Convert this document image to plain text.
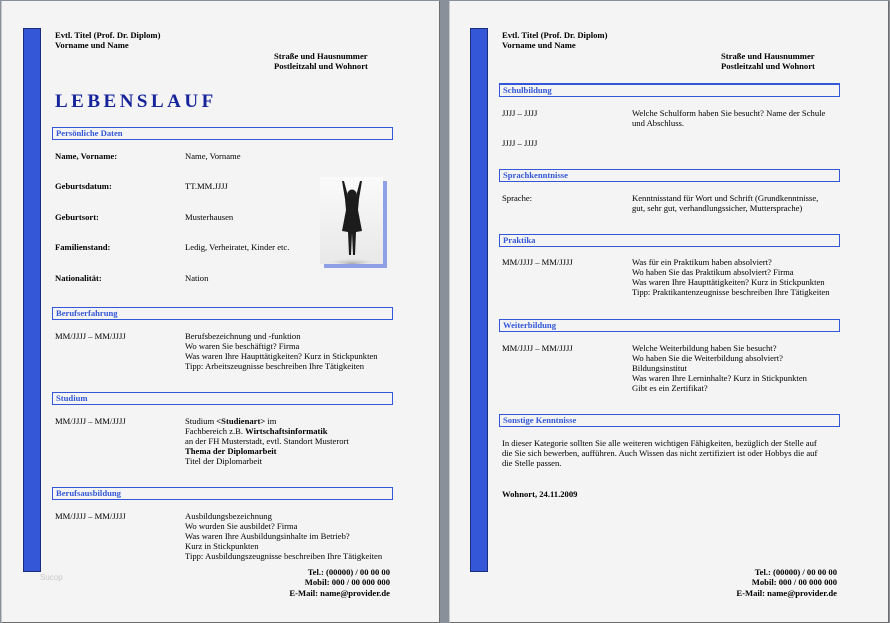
Evtl. Titel (Prof. Dr. Diplom)
Vorname und Name
Straße und Hausnummer
Postleitzahl und Wohnort
LEBENSLAUF
Persönliche Daten
Name, Vorname:	Name, Vorname
Geburtsdatum:	TT.MM.JJJJ
Geburtsort:	Musterhausen
Familienstand:	Ledig, Verheiratet, Kinder etc.
Nationalität:	Nation
Berufserfahrung
MM/JJJJ – MM/JJJJ	Berufsbezeichnung und -funktion
Wo waren Sie beschäftigt? Firma
Was waren Ihre Haupttätigkeiten? Kurz in Stickpunkten
Tipp: Arbeitszeugnisse beschreiben Ihre Tätigkeiten
Studium
MM/JJJJ – MM/JJJJ	Studium <Studienart> im
Fachbereich z.B. Wirtschaftsinformatik
an der FH Musterstadt, evtl. Standort Musterort
Thema der Diplomarbeit
Titel der Diplomarbeit
Berufsausbildung
MM/JJJJ – MM/JJJJ	Ausbildungsbezeichnung
Wo wurden Sie ausbildet? Firma
Was waren Ihre Ausbildungsinhalte im Betrieb?
Kurz in Stickpunkten
Tipp: Ausbildungszeugnisse beschreiben Ihre Tätigkeiten
Tel.: (00000) / 00 00 00
Mobil: 000 / 00 000 000
E-Mail: name@provider.de
Sucop
Evtl. Titel (Prof. Dr. Diplom)
Vorname und Name
Straße und Hausnummer
Postleitzahl und Wohnort
Schulbildung
JJJJ – JJJJ	Welche Schulform haben Sie besucht? Name der Schule
und Abschluss.
JJJJ – JJJJ
Sprachkenntnisse
Sprache:	Kenntnisstand für Wort und Schrift (Grundkenntnisse,
gut, sehr gut, verhandlungssicher, Muttersprache)
Praktika
MM/JJJJ – MM/JJJJ	Was für ein Praktikum haben absolviert?
Wo haben Sie das Praktikum absolviert? Firma
Was waren Ihre Haupttätigkeiten? Kurz in Stickpunkten
Tipp: Praktikantenzeugnisse beschreiben Ihre Tätigkeiten
Weiterbildung
MM/JJJJ – MM/JJJJ	Welche Weiterbildung haben Sie besucht?
Wo haben Sie die Weiterbildung absolviert?
Bildungsinstitut
Was waren Ihre Lerninhalte? Kurz in Stickpunkten
Gibt es ein Zertifikat?
Sonstige Kenntnisse
In dieser Kategorie sollten Sie alle weiteren wichtigen Fähigkeiten, bezüglich der Stelle auf
die Sie sich bewerben, aufführen. Auch Wissen das nicht zertifiziert ist oder Hobbys die auf
die Stelle passen.
Wohnort, 24.11.2009
Tel.: (00000) / 00 00 00
Mobil: 000 / 00 000 000
E-Mail: name@provider.de
